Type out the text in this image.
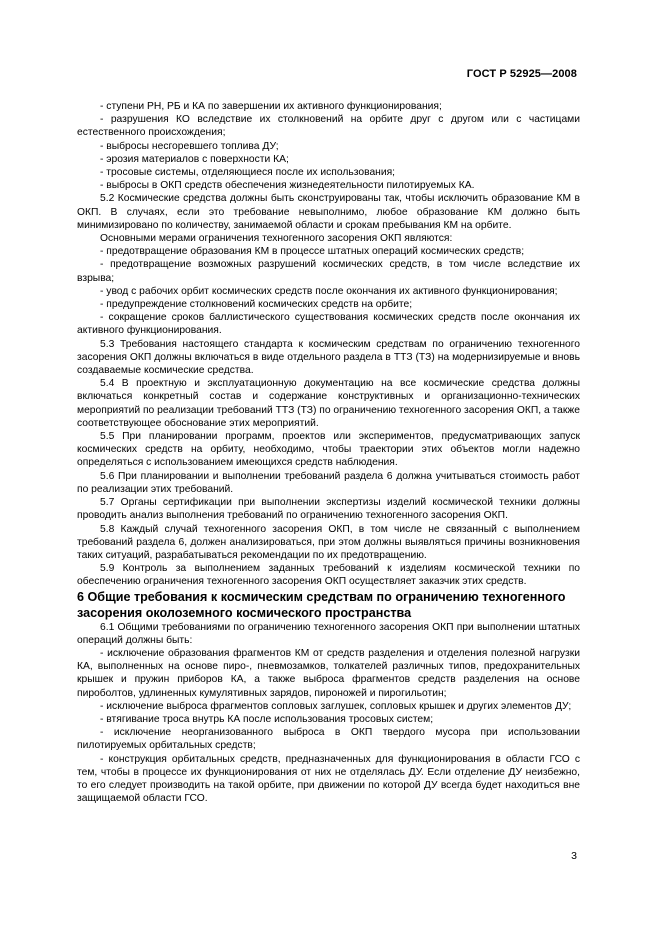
ГОСТ Р 52925—2008

- ступени РН, РБ и КА по завершении их активного функционирования;

- разрушения КО вследствие их столкновений на орбите друг с другом или с частицами естественного происхождения;

- выбросы несгоревшего топлива ДУ;

- эрозия материалов с поверхности КА;

- тросовые системы, отделяющиеся после их использования;

- выбросы в ОКП средств обеспечения жизнедеятельности пилотируемых КА.

5.2 Космические средства должны быть сконструированы так, чтобы исключить образование КМ в ОКП. В случаях, если это требование невыполнимо, любое образование КМ должно быть минимизировано по количеству, занимаемой области и срокам пребывания КМ на орбите.

Основными мерами ограничения техногенного засорения ОКП являются:

- предотвращение образования КМ в процессе штатных операций космических средств;

- предотвращение возможных разрушений космических средств, в том числе вследствие их взрыва;

- увод с рабочих орбит космических средств после окончания их активного функционирования;

- предупреждение столкновений космических средств на орбите;

- сокращение сроков баллистического существования космических средств после окончания их активного функционирования.

5.3 Требования настоящего стандарта к космическим средствам по ограничению техногенного засорения ОКП должны включаться в виде отдельного раздела в ТТЗ (ТЗ) на модернизируемые и вновь создаваемые космические средства.

5.4 В проектную и эксплуатационную документацию на все космические средства должны включаться конкретный состав и содержание конструктивных и организационно-технических мероприятий по реализации требований ТТЗ (ТЗ) по ограничению техногенного засорения ОКП, а также соответствующее обоснование этих мероприятий.

5.5 При планировании программ, проектов или экспериментов, предусматривающих запуск космических средств на орбиту, необходимо, чтобы траектории этих объектов могли надежно определяться с использованием имеющихся средств наблюдения.

5.6 При планировании и выполнении требований раздела 6 должна учитываться стоимость работ по реализации этих требований.

5.7 Органы сертификации при выполнении экспертизы изделий космической техники должны проводить анализ выполнения требований по ограничению техногенного засорения ОКП.

5.8 Каждый случай техногенного засорения ОКП, в том числе не связанный с выполнением требований раздела 6, должен анализироваться, при этом должны выявляться причины возникновения таких ситуаций, разрабатываться рекомендации по их предотвращению.

5.9 Контроль за выполнением заданных требований к изделиям космической техники по обеспечению ограничения техногенного засорения ОКП осуществляет заказчик этих средств.

6 Общие требования к космическим средствам по ограничению техногенного засорения околоземного космического пространства

6.1 Общими требованиями по ограничению техногенного засорения ОКП при выполнении штатных операций должны быть:

- исключение образования фрагментов КМ от средств разделения и отделения полезной нагрузки КА, выполненных на основе пиро-, пневмозамков, толкателей различных типов, предохранительных крышек и пружин приборов КА, а также выброса фрагментов средств разделения на основе пироболтов, удлиненных кумулятивных зарядов, пироножей и пирогильотин;

- исключение выброса фрагментов сопловых заглушек, сопловых крышек и других элементов ДУ;

- втягивание троса внутрь КА после использования тросовых систем;

- исключение неорганизованного выброса в ОКП твердого мусора при использовании пилотируемых орбитальных средств;

- конструкция орбитальных средств, предназначенных для функционирования в области ГСО с тем, чтобы в процессе их функционирования от них не отделялась ДУ. Если отделение ДУ неизбежно, то его следует производить на такой орбите, при движении по которой ДУ всегда будет находиться вне защищаемой области ГСО.

3
